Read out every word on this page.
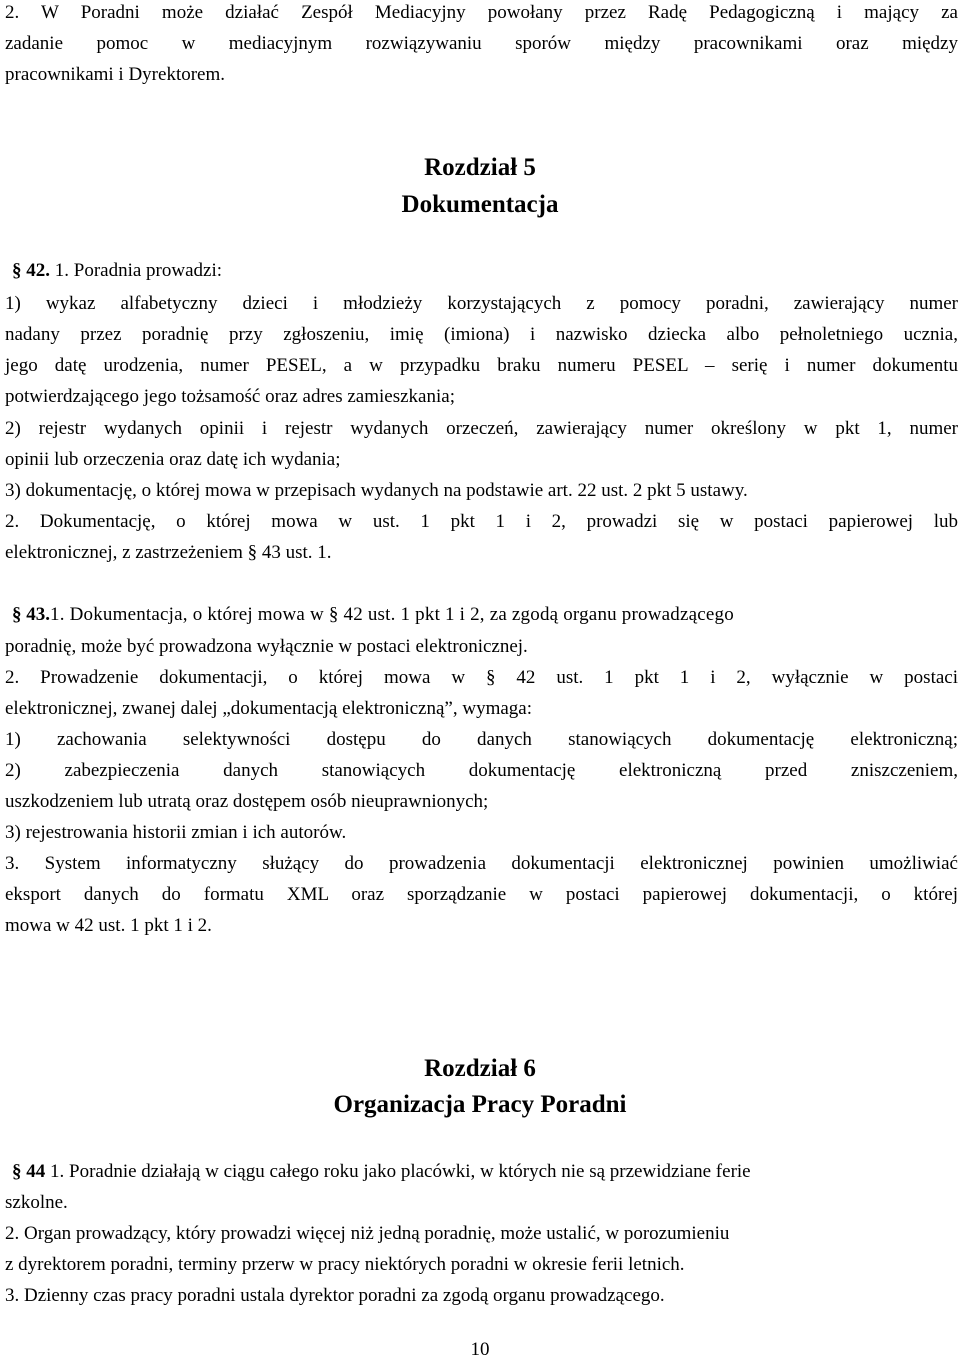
2. W Poradni może działać Zespół Mediacyjny powołany przez Radę Pedagogiczną i mający za
zadanie pomoc w mediacyjnym rozwiązywaniu sporów między pracownikami oraz między
pracownikami i Dyrektorem.
Rozdział 5
Dokumentacja
§ 42. 1. Poradnia prowadzi:
1) wykaz alfabetyczny dzieci i młodzieży korzystających z pomocy poradni, zawierający numer
nadany przez poradnię przy zgłoszeniu, imię (imiona) i nazwisko dziecka albo pełnoletniego ucznia,
jego datę urodzenia, numer PESEL, a w przypadku braku numeru PESEL – serię i numer dokumentu
potwierdzającego jego tożsamość oraz adres zamieszkania;
2) rejestr wydanych opinii i rejestr wydanych orzeczeń, zawierający numer określony w pkt 1, numer
opinii lub orzeczenia oraz datę ich wydania;
3) dokumentację, o której mowa w przepisach wydanych na podstawie art. 22 ust. 2 pkt 5 ustawy.
2. Dokumentację, o której mowa w ust. 1 pkt 1 i 2, prowadzi się w postaci papierowej lub
elektronicznej, z zastrzeżeniem § 43 ust. 1.
§ 43.1. Dokumentacja, o której mowa w § 42 ust. 1 pkt 1 i 2, za zgodą organu prowadzącego
poradnię, może być prowadzona wyłącznie w postaci elektronicznej.
2. Prowadzenie dokumentacji, o której mowa w § 42 ust. 1 pkt 1 i 2, wyłącznie w postaci
elektronicznej, zwanej dalej „dokumentacją elektroniczną”, wymaga:
1) zachowania selektywności dostępu do danych stanowiących dokumentację elektroniczną;
2) zabezpieczenia danych stanowiących dokumentację elektroniczną przed zniszczeniem,
uszkodzeniem lub utratą oraz dostępem osób nieuprawnionych;
3) rejestrowania historii zmian i ich autorów.
3. System informatyczny służący do prowadzenia dokumentacji elektronicznej powinien umożliwiać
eksport danych do formatu XML oraz sporządzanie w postaci papierowej dokumentacji, o której
mowa w 42 ust. 1 pkt 1 i 2.
Rozdział 6
Organizacja Pracy Poradni
§ 44 1. Poradnie działają w ciągu całego roku jako placówki, w których nie są przewidziane ferie
szkolne.
2. Organ prowadzący, który prowadzi więcej niż jedną poradnię, może ustalić, w porozumieniu
z dyrektorem poradni, terminy przerw w pracy niektórych poradni w okresie ferii letnich.
3. Dzienny czas pracy poradni ustala dyrektor poradni za zgodą organu prowadzącego.
10
